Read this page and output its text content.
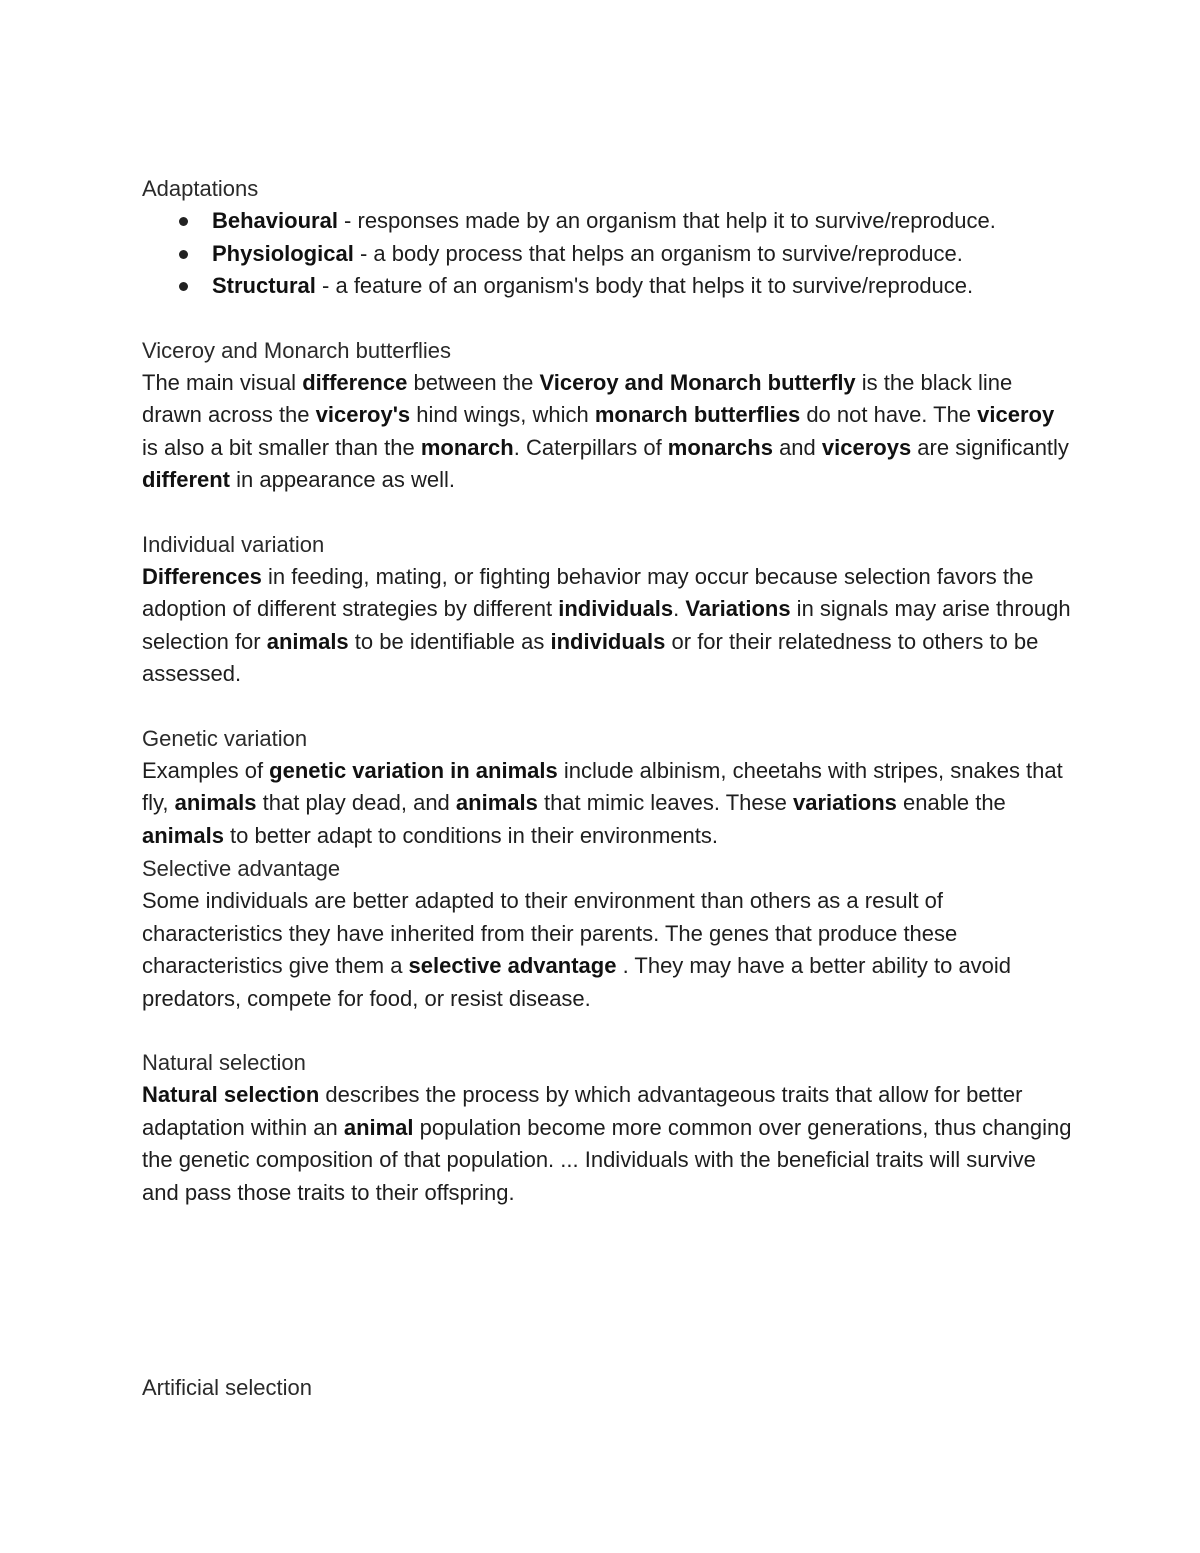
Adaptations
Behavioural - responses made by an organism that help it to survive/reproduce.
Physiological - a body process that helps an organism to survive/reproduce.
Structural - a feature of an organism's body that helps it to survive/reproduce.
Viceroy and Monarch butterflies

The main visual difference between the Viceroy and Monarch butterfly is the black line drawn across the viceroy's hind wings, which monarch butterflies do not have. The viceroy is also a bit smaller than the monarch. Caterpillars of monarchs and viceroys are significantly different in appearance as well.

Individual variation

Differences in feeding, mating, or fighting behavior may occur because selection favors the adoption of different strategies by different individuals. Variations in signals may arise through selection for animals to be identifiable as individuals or for their relatedness to others to be assessed.

Genetic variation

Examples of genetic variation in animals include albinism, cheetahs with stripes, snakes that fly, animals that play dead, and animals that mimic leaves. These variations enable the animals to better adapt to conditions in their environments.

Selective advantage

Some individuals are better adapted to their environment than others as a result of characteristics they have inherited from their parents. The genes that produce these characteristics give them a selective advantage . They may have a better ability to avoid predators, compete for food, or resist disease.

Natural selection

Natural selection describes the process by which advantageous traits that allow for better adaptation within an animal population become more common over generations, thus changing the genetic composition of that population. ... Individuals with the beneficial traits will survive and pass those traits to their offspring.

Artificial selection
